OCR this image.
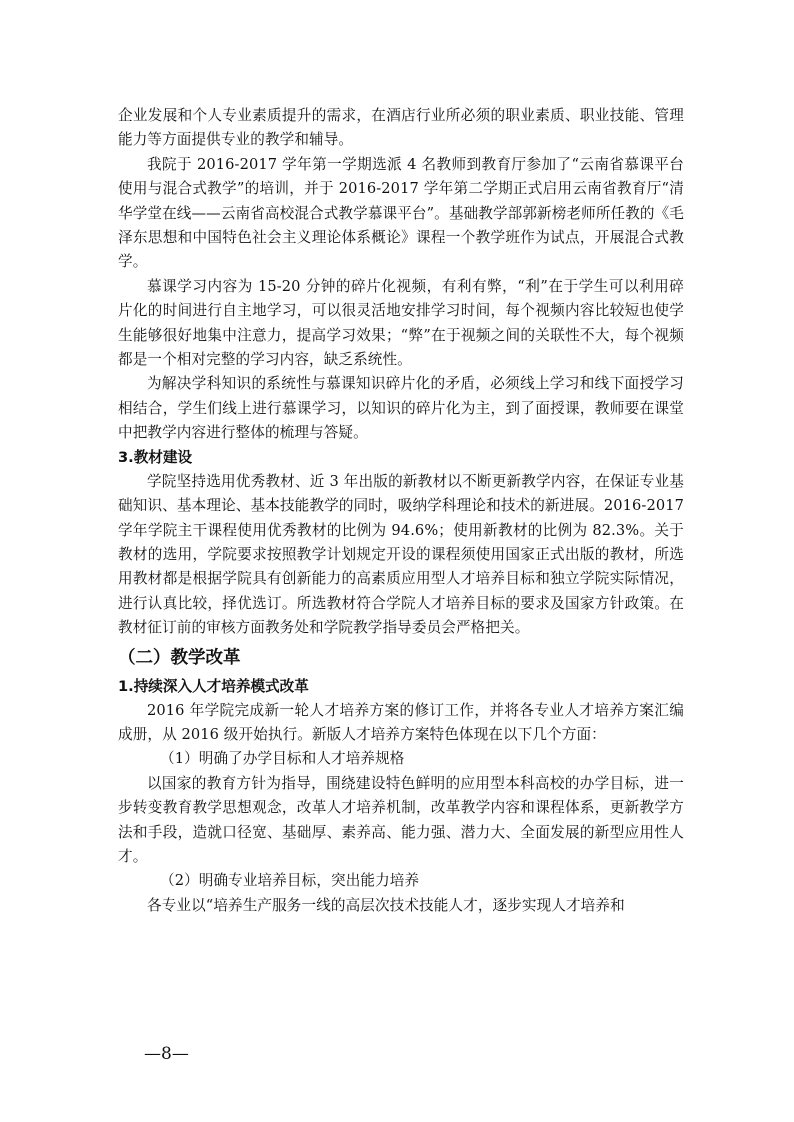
企业发展和个人专业素质提升的需求，在酒店行业所必须的职业素质、职业技能、管理能力等方面提供专业的教学和辅导。

我院于 2016-2017 学年第一学期选派 4 名教师到教育厅参加了“云南省慕课平台使用与混合式教学”的培训，并于 2016-2017 学年第二学期正式启用云南省教育厅“清华学堂在线——云南省高校混合式教学慕课平台”。基础教学部郭新榜老师所任教的《毛泽东思想和中国特色社会主义理论体系概论》课程一个教学班作为试点，开展混合式教学。

慕课学习内容为 15-20 分钟的碎片化视频，有利有弊，“利”在于学生可以利用碎片化的时间进行自主地学习，可以很灵活地安排学习时间，每个视频内容比较短也使学生能够很好地集中注意力，提高学习效果；“弊”在于视频之间的关联性不大，每个视频都是一个相对完整的学习内容，缺乏系统性。

为解决学科知识的系统性与慕课知识碎片化的矛盾，必须线上学习和线下面授学习相结合，学生们线上进行慕课学习，以知识的碎片化为主，到了面授课，教师要在课堂中把教学内容进行整体的梳理与答疑。

3.教材建设

学院坚持选用优秀教材、近 3 年出版的新教材以不断更新教学内容，在保证专业基础知识、基本理论、基本技能教学的同时，吸纳学科理论和技术的新进展。2016-2017 学年学院主干课程使用优秀教材的比例为 94.6%；使用新教材的比例为 82.3%。关于教材的选用，学院要求按照教学计划规定开设的课程须使用国家正式出版的教材，所选用教材都是根据学院具有创新能力的高素质应用型人才培养目标和独立学院实际情况，进行认真比较，择优选订。所选教材符合学院人才培养目标的要求及国家方针政策。在教材征订前的审核方面教务处和学院教学指导委员会严格把关。

（二）教学改革

1.持续深入人才培养模式改革

2016 年学院完成新一轮人才培养方案的修订工作，并将各专业人才培养方案汇编成册，从 2016 级开始执行。新版人才培养方案特色体现在以下几个方面：

（1）明确了办学目标和人才培养规格

以国家的教育方针为指导，围绕建设特色鲜明的应用型本科高校的办学目标，进一步转变教育教学思想观念，改革人才培养机制，改革教学内容和课程体系，更新教学方法和手段，造就口径宽、基础厚、素养高、能力强、潜力大、全面发展的新型应用性人才。

（2）明确专业培养目标，突出能力培养

各专业以“培养生产服务一线的高层次技术技能人才，逐步实现人才培养和

—8—
